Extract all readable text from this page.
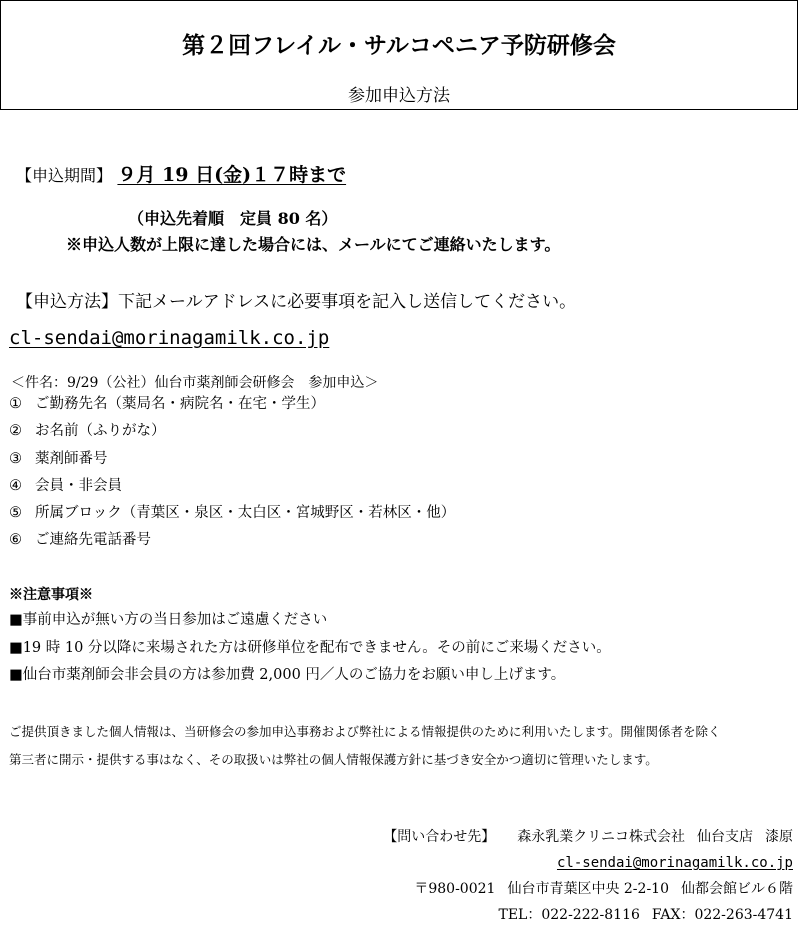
第２回フレイル・サルコペニア予防研修会
参加申込方法
【申込期間】 ９月 19 日(金)１７時まで
（申込先着順　定員 80 名）
※申込人数が上限に達した場合には、メールにてご連絡いたします。
【申込方法】下記メールアドレスに必要事項を記入し送信してください。
cl-sendai@morinagamilk.co.jp
＜件名：9/29（公社）仙台市薬剤師会研修会　参加申込＞
① ご勤務先名（薬局名・病院名・在宅・学生）
② お名前（ふりがな）
③ 薬剤師番号
④ 会員・非会員
⑤ 所属ブロック（青葉区・泉区・太白区・宮城野区・若林区・他）
⑥ ご連絡先電話番号
※注意事項※
■事前申込が無い方の当日参加はご遠慮ください
■19 時 10 分以降に来場された方は研修単位を配布できません。その前にご来場ください。
■仙台市薬剤師会非会員の方は参加費 2,000 円／人のご協力をお願い申し上げます。

ご提供頂きました個人情報は、当研修会の参加申込事務および弊社による情報提供のために利用いたします。開催関係者を除く

第三者に開示・提供する事はなく、その取扱いは弊社の個人情報保護方針に基づき安全かつ適切に管理いたします。

【問い合わせ先】 森永乳業クリニコ株式会社 仙台支店 漆原
cl-sendai@morinagamilk.co.jp
〒980-0021 仙台市青葉区中央 2-2-10 仙都会館ビル６階
TEL：022-222-8116 FAX：022-263-4741
